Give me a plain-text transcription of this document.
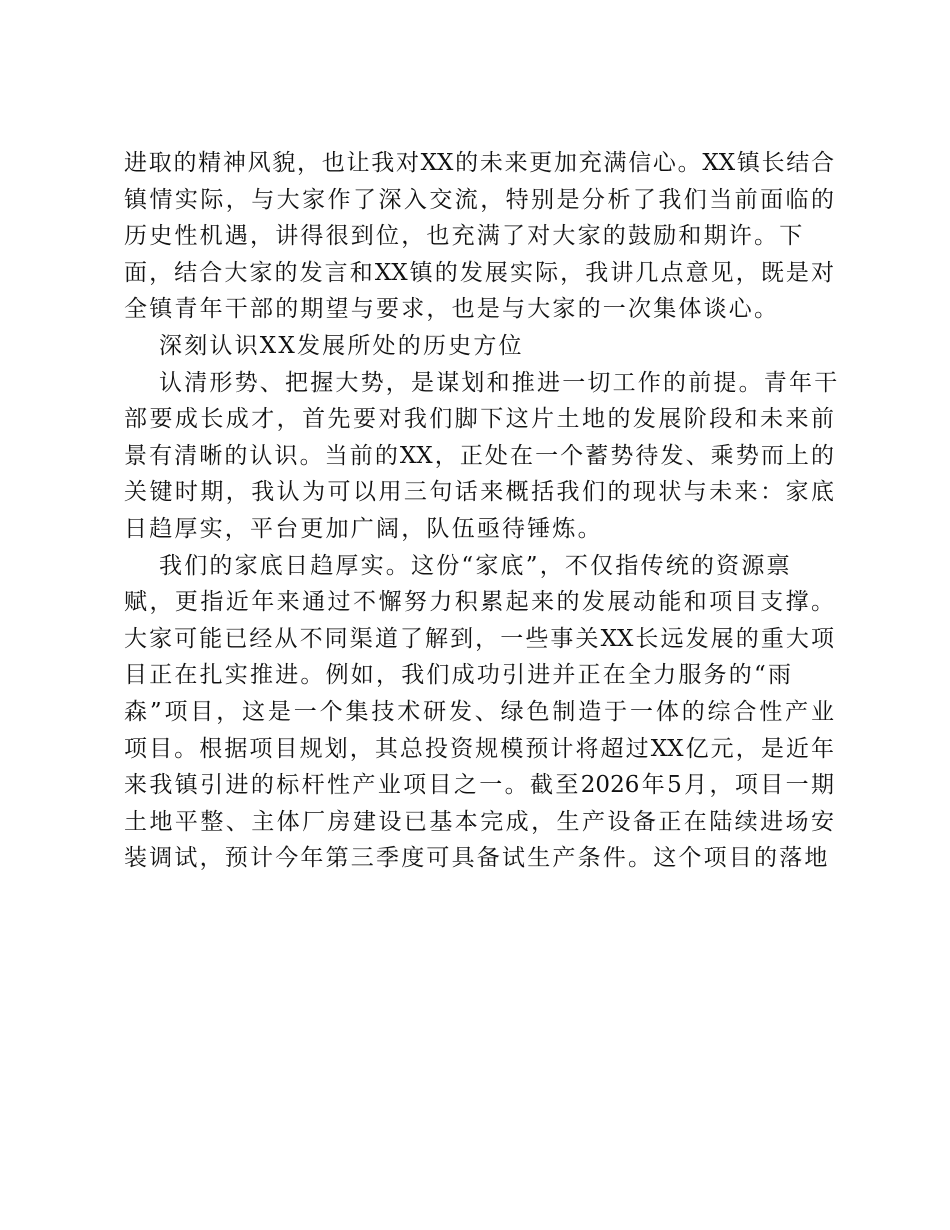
进取的精神风貌，也让我对XX的未来更加充满信心。XX镇长结合
镇情实际，与大家作了深入交流，特别是分析了我们当前面临的
历史性机遇，讲得很到位，也充满了对大家的鼓励和期许。下
面，结合大家的发言和XX镇的发展实际，我讲几点意见，既是对
全镇青年干部的期望与要求，也是与大家的一次集体谈心。
深刻认识XX发展所处的历史方位
认清形势、把握大势，是谋划和推进一切工作的前提。青年干
部要成长成才，首先要对我们脚下这片土地的发展阶段和未来前
景有清晰的认识。当前的XX，正处在一个蓄势待发、乘势而上的
关键时期，我认为可以用三句话来概括我们的现状与未来：家底
日趋厚实，平台更加广阔，队伍亟待锤炼。
我们的家底日趋厚实。这份“家底”，不仅指传统的资源禀
赋，更指近年来通过不懈努力积累起来的发展动能和项目支撑。
大家可能已经从不同渠道了解到，一些事关XX长远发展的重大项
目正在扎实推进。例如，我们成功引进并正在全力服务的“雨
森”项目，这是一个集技术研发、绿色制造于一体的综合性产业
项目。根据项目规划，其总投资规模预计将超过XX亿元，是近年
来我镇引进的标杆性产业项目之一。截至2026年5月，项目一期
土地平整、主体厂房建设已基本完成，生产设备正在陆续进场安
装调试，预计今年第三季度可具备试生产条件。这个项目的落地
